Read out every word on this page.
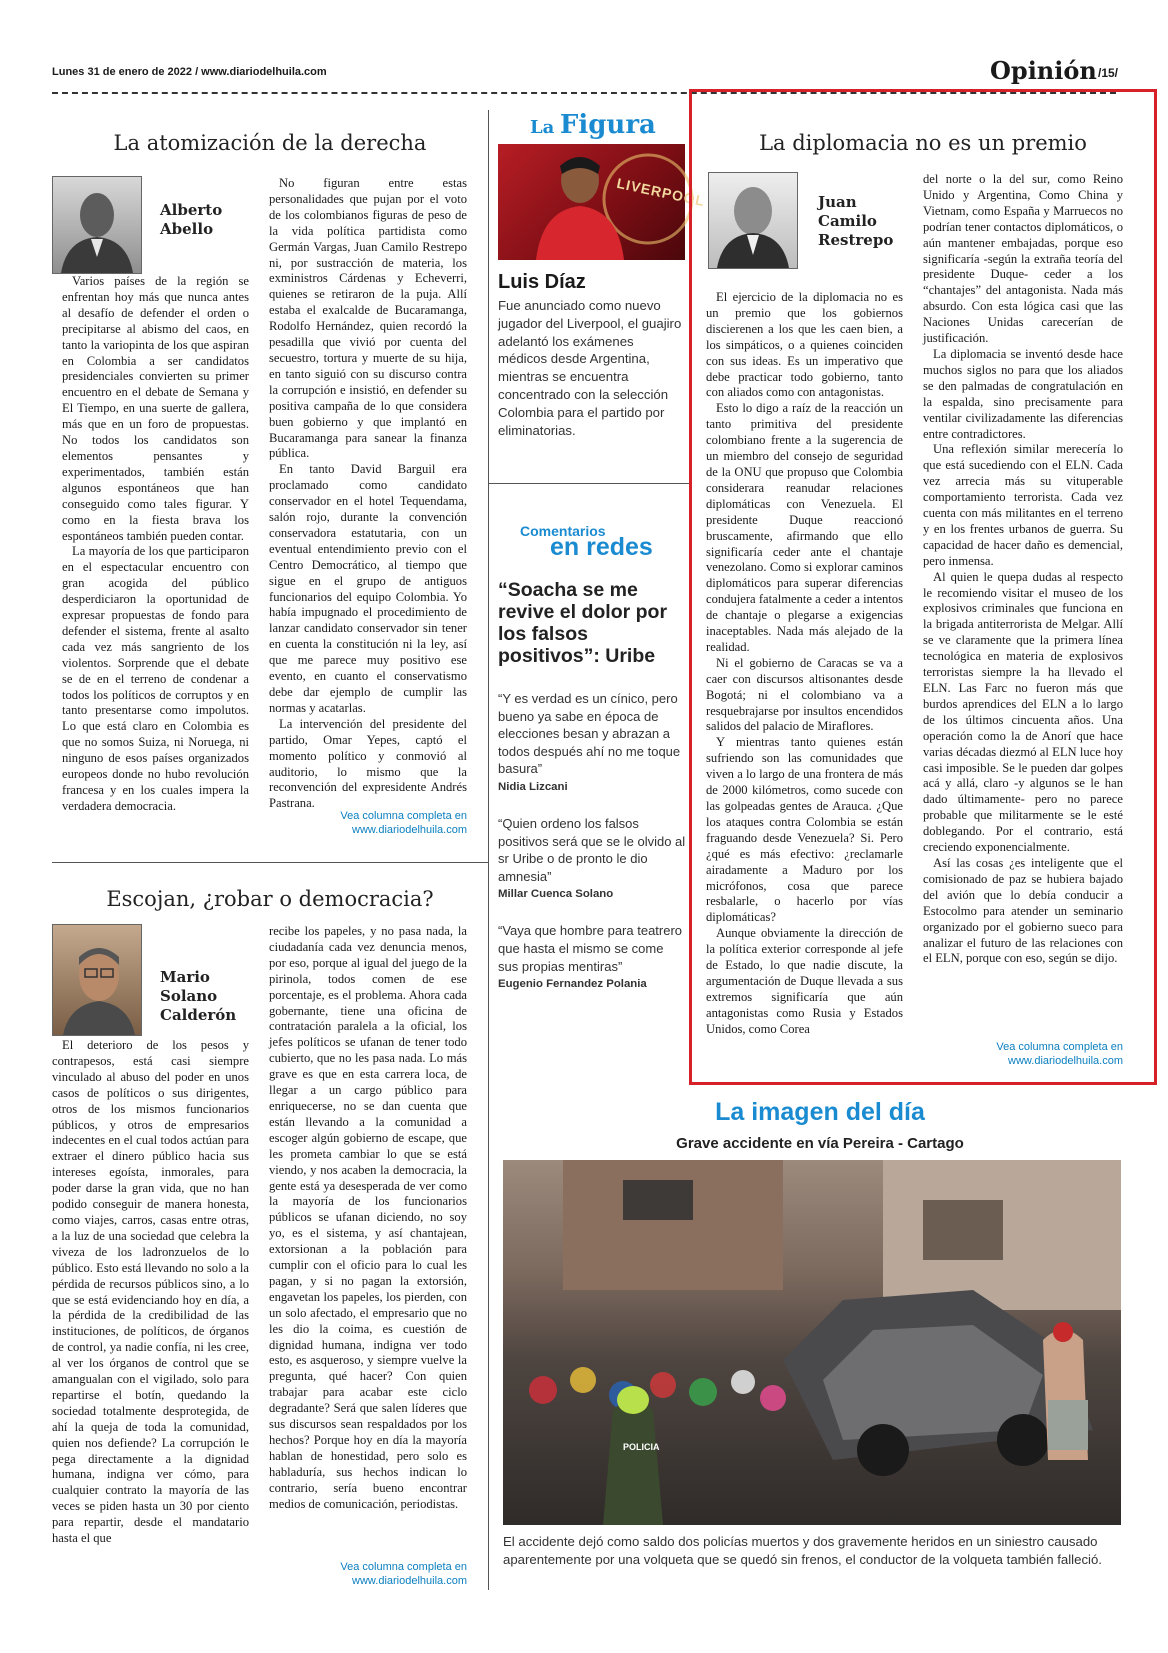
Lunes 31 de enero de 2022 / www.diariodelhuila.com	Opinión /15/
La atomización de la derecha
Alberto
Abello

Varios países de la región se enfrentan hoy más que nunca antes al desafío de defender el orden o precipitarse al abismo del caos, en tanto la variopinta de los que aspiran en Colombia a ser candidatos presidenciales convierten su primer encuentro en el debate de Semana y El Tiempo, en una suerte de gallera, más que en un foro de propuestas. No todos los candidatos son elementos pensantes y experimentados, también están algunos espontáneos que han conseguido como tales figurar. Y como en la fiesta brava los espontáneos también pueden contar.

La mayoría de los que participaron en el espectacular encuentro con gran acogida del público desperdiciaron la oportunidad de expresar propuestas de fondo para defender el sistema, frente al asalto cada vez más sangriento de los violentos. Sorprende que el debate se de en el terreno de condenar a todos los políticos de corruptos y en tanto presentarse como impolutos. Lo que está claro en Colombia es que no somos Suiza, ni Noruega, ni ninguno de esos países organizados europeos donde no hubo revolución francesa y en los cuales impera la verdadera democracia.

No figuran entre estas personalidades que pujan por el voto de los colombianos figuras de peso de la vida política partidista como Germán Vargas, Juan Camilo Restrepo ni, por sustracción de materia, los exministros Cárdenas y Echeverri, quienes se retiraron de la puja. Allí estaba el exalcalde de Bucaramanga, Rodolfo Hernández, quien recordó la pesadilla que vivió por cuenta del secuestro, tortura y muerte de su hija, en tanto siguió con su discurso contra la corrupción e insistió, en defender su positiva campaña de lo que considera buen gobierno y que implantó en Bucaramanga para sanear la finanza pública.

En tanto David Barguil era proclamado como candidato conservador en el hotel Tequendama, salón rojo, durante la convención conservadora estatutaria, con un eventual entendimiento previo con el Centro Democrático, al tiempo que sigue en el grupo de antiguos funcionarios del equipo Colombia. Yo había impugnado el procedimiento de lanzar candidato conservador sin tener en cuenta la constitución ni la ley, así que me parece muy positivo ese evento, en cuanto el conservatismo debe dar ejemplo de cumplir las normas y acatarlas.

La intervención del presidente del partido, Omar Yepes, captó el momento político y conmovió al auditorio, lo mismo que la reconvención del expresidente Andrés Pastrana.

Vea columna completa en
www.diariodelhuila.com
Escojan, ¿robar o democracia?
Mario
Solano
Calderón

El deterioro de los pesos y contrapesos, está casi siempre vinculado al abuso del poder en unos casos de políticos o sus dirigentes, otros de los mismos funcionarios públicos, y otros de empresarios indecentes en el cual todos actúan para extraer el dinero público hacia sus intereses egoísta, inmorales, para poder darse la gran vida, que no han podido conseguir de manera honesta, como viajes, carros, casas entre otras, a la luz de una sociedad que celebra la viveza de los ladronzuelos de lo público. Esto está llevando no solo a la pérdida de recursos públicos sino, a lo que se está evidenciando hoy en día, a la pérdida de la credibilidad de las instituciones, de políticos, de órganos de control, ya nadie confía, ni les cree, al ver los órganos de control que se amangualan con el vigilado, solo para repartirse el botín, quedando la sociedad totalmente desprotegida, de ahí la queja de toda la comunidad, quien nos defiende? La corrupción le pega directamente a la dignidad humana, indigna ver cómo, para cualquier contrato la mayoría de las veces se piden hasta un 30 por ciento para repartir, desde el mandatario hasta el que

recibe los papeles, y no pasa nada, la ciudadanía cada vez denuncia menos, por eso, porque al igual del juego de la pirinola, todos comen de ese porcentaje, es el problema. Ahora cada gobernante, tiene una oficina de contratación paralela a la oficial, los jefes políticos se ufanan de tener todo cubierto, que no les pasa nada. Lo más grave es que en esta carrera loca, de llegar a un cargo público para enriquecerse, no se dan cuenta que están llevando a la comunidad a escoger algún gobierno de escape, que les prometa cambiar lo que se está viendo, y nos acaben la democracia, la gente está ya desesperada de ver como la mayoría de los funcionarios públicos se ufanan diciendo, no soy yo, es el sistema, y así chantajean, extorsionan a la población para cumplir con el oficio para lo cual les pagan, y si no pagan la extorsión, engavetan los papeles, los pierden, con un solo afectado, el empresario que no les dio la coima, es cuestión de dignidad humana, indigna ver todo esto, es asqueroso, y siempre vuelve la pregunta, qué hacer? Con quien trabajar para acabar este ciclo degradante? Será que salen líderes que sus discursos sean respaldados por los hechos? Porque hoy en día la mayoría hablan de honestidad, pero solo es habladuría, sus hechos indican lo contrario, sería bueno encontrar medios de comunicación, periodistas.

Vea columna completa en
www.diariodelhuila.com
La Figura
LIVERPOOL
Luis Díaz
Fue anunciado como nuevo jugador del Liverpool, el guajiro adelantó los exámenes médicos desde Argentina, mientras se encuentra concentrado con la selección Colombia para el partido por eliminatorias.
Comentarios
en redes
“Soacha se me revive el dolor por los falsos positivos”: Uribe
“Y es verdad es un cínico, pero bueno ya sabe en época de elecciones besan y abrazan a todos después ahí no me toque basura”
Nidia Lizcani
“Quien ordeno los falsos positivos será que se le olvido al sr Uribe o de pronto le dio amnesia”
Millar Cuenca Solano
“Vaya que hombre para teatrero que hasta el mismo se come sus propias mentiras”
Eugenio Fernandez Polania
La diplomacia no es un premio
Juan
Camilo
Restrepo

El ejercicio de la diplomacia no es un premio que los gobiernos discierenen a los que les caen bien, a los simpáticos, o a quienes coinciden con sus ideas. Es un imperativo que debe practicar todo gobierno, tanto con aliados como con antagonistas.

Esto lo digo a raíz de la reacción un tanto primitiva del presidente colombiano frente a la sugerencia de un miembro del consejo de seguridad de la ONU que propuso que Colombia considerara reanudar relaciones diplomáticas con Venezuela. El presidente Duque reaccionó bruscamente, afirmando que ello significaría ceder ante el chantaje venezolano. Como si explorar caminos diplomáticos para superar diferencias condujera fatalmente a ceder a intentos de chantaje o plegarse a exigencias inaceptables. Nada más alejado de la realidad.

Ni el gobierno de Caracas se va a caer con discursos altisonantes desde Bogotá; ni el colombiano va a resquebrajarse por insultos encendidos salidos del palacio de Miraflores.

Y mientras tanto quienes están sufriendo son las comunidades que viven a lo largo de una frontera de más de 2000 kilómetros, como sucede con las golpeadas gentes de Arauca. ¿Que los ataques contra Colombia se están fraguando desde Venezuela? Si. Pero ¿qué es más efectivo: ¿reclamarle airadamente a Maduro por los micrófonos, cosa que parece resbalarle, o hacerlo por vías diplomáticas?

Aunque obviamente la dirección de la política exterior corresponde al jefe de Estado, lo que nadie discute, la argumentación de Duque llevada a sus extremos significaría que aún antagonistas como Rusia y Estados Unidos, como Corea

del norte o la del sur, como Reino Unido y Argentina, Como China y Vietnam, como España y Marruecos no podrían tener contactos diplomáticos, o aún mantener embajadas, porque eso significaría -según la extraña teoría del presidente Duque- ceder a los “chantajes” del antagonista. Nada más absurdo. Con esta lógica casi que las Naciones Unidas carecerían de justificación.

La diplomacia se inventó desde hace muchos siglos no para que los aliados se den palmadas de congratulación en la espalda, sino precisamente para ventilar civilizadamente las diferencias entre contradictores.

Una reflexión similar merecería lo que está sucediendo con el ELN. Cada vez arrecia más su vituperable comportamiento terrorista. Cada vez cuenta con más militantes en el terreno y en los frentes urbanos de guerra. Su capacidad de hacer daño es demencial, pero inmensa.

Al quien le quepa dudas al respecto le recomiendo visitar el museo de los explosivos criminales que funciona en la brigada antiterrorista de Melgar. Allí se ve claramente que la primera línea tecnológica en materia de explosivos terroristas siempre la ha llevado el ELN. Las Farc no fueron más que burdos aprendices del ELN a lo largo de los últimos cincuenta años. Una operación como la de Anorí que hace varias décadas diezmó al ELN luce hoy casi imposible. Se le pueden dar golpes acá y allá, claro -y algunos se le han dado últimamente- pero no parece probable que militarmente se le esté doblegando. Por el contrario, está creciendo exponencialmente.

Así las cosas ¿es inteligente que el comisionado de paz se hubiera bajado del avión que lo debía conducir a Estocolmo para atender un seminario organizado por el gobierno sueco para analizar el futuro de las relaciones con el ELN, porque con eso, según se dijo.

Vea columna completa en
www.diariodelhuila.com
La imagen del día
Grave accidente en vía Pereira - Cartago
POLICIA
El accidente dejó como saldo dos policías muertos y dos gravemente heridos en un siniestro causado aparentemente por una volqueta que se quedó sin frenos, el conductor de la volqueta también falleció.
